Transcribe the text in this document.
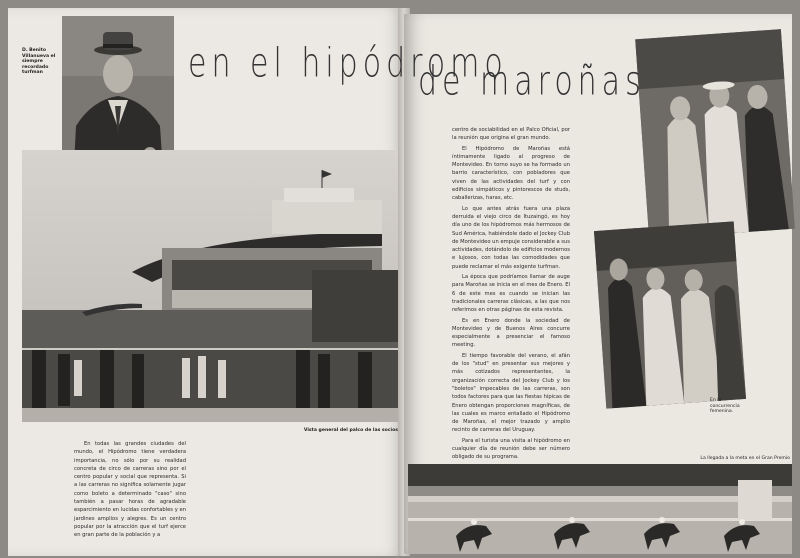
D. Benito Villanueva el siempre recordado turfman
Vista general del palco de las socios

En todas las grandes ciudades del mundo, el Hipódromo tiene verdadera importancia, no sólo por su realidad concreta de circo de carreras sino por el centro popular y social que representa. Si a las carreras no significa solamente jugar como boleto a determinado "caso" sino también a pasar horas de agradable esparcimiento en lucidas confortables y en jardines amplios y alegres. Es un centro popular por la atracción que el turf ejerce en gran parte de la población y a

centro de sociabilidad en el Palco Oficial, por la reunión que origina el gran mundo.

El Hipódromo de Maroñas está íntimamente ligado al progreso de Montevideo. En torno suyo se ha formado un barrio característico, con pobladores que viven de las actividades del turf y con edificios simpáticos y pintorescos de studs, caballerizas, haras, etc.

Lo que antes atrás fuera una plaza derruida el viejo circo de Ituzaingó, es hoy día uno de los hipódromos más hermosos de Sud América, habiéndole dado el Jockey Club de Montevideo un empuje considerable a sus actividades, dotándolo de edificios modernos e lujosos, con todas las comodidades que puede reclamar el más exigente turfman.

La época que podríamos llamar de auge para Maroñas se inicia en el mes de Enero. El 6 de este mes es cuando se inician las tradicionales carreras clásicas, a las que nos referimos en otras páginas de esta revista.

Es en Enero donde la sociedad de Montevideo y de Buenos Aires concurre especialmente a presenciar el famoso meeting.

El tiempo favorable del verano, el afán de los "stud" en presentar sus mejores y más cotizados representantes, la organización correcta del Jockey Club y los "boletos" impecables de las carreras, son todos factores para que las fiestas hípicas de Enero obtengan proporciones magníficas, de las cuales es marco entallado el Hipódromo de Maroñas, el mejor trazado y amplio recinto de carreras del Uruguay.

Para el turista una visita al hipódromo en cualquier día de reunión debe ser número obligado de su programa.

En la concurrencia femenina.
La llegada a la meta en el Gran Premio
en el hipódromo
de maroñas
